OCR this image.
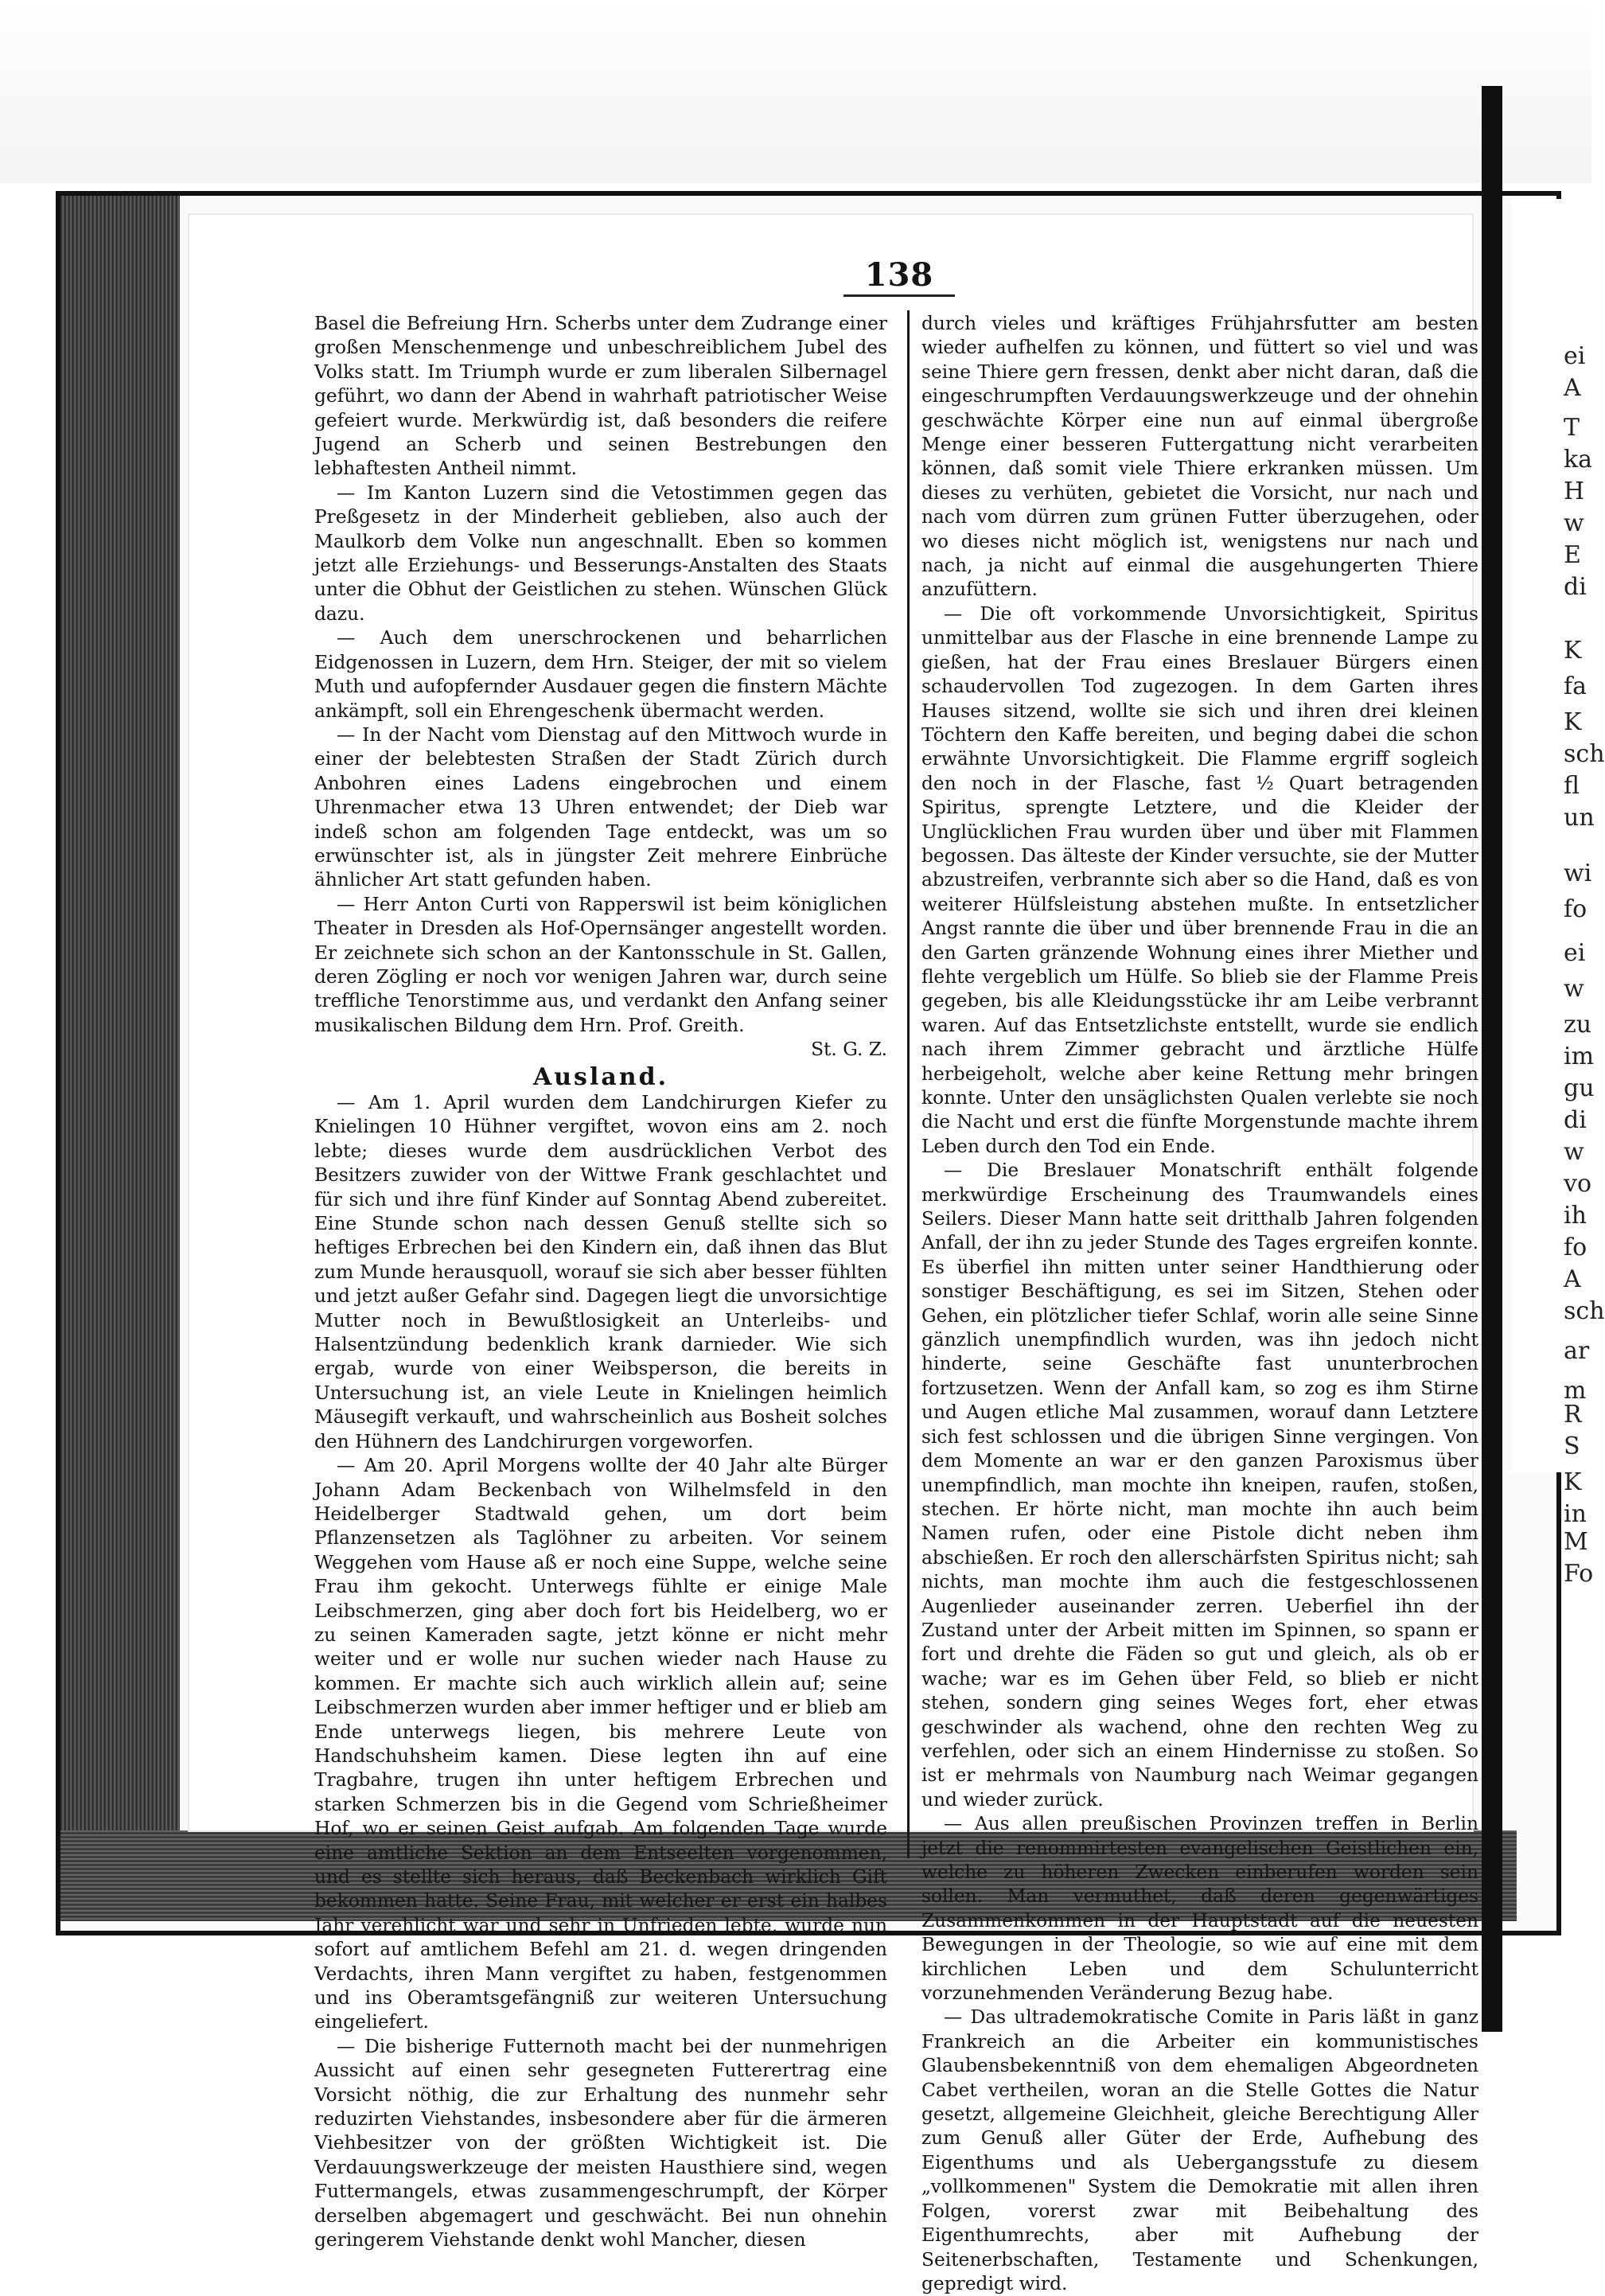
ei
A
T
ka
H
w
E
di
K
fa
K
sch
fl
un
wi
fo
ei
w
zu
im
gu
di
w
vo
ih
fo
A
sch
ar
m
R
S
K
in
M
Fo
138

Basel die Befreiung Hrn. Scherbs unter dem Zudrange einer großen Menschenmenge und unbeschreiblichem Jubel des Volks statt. Im Triumph wurde er zum liberalen Silbernagel geführt, wo dann der Abend in wahrhaft patriotischer Weise gefeiert wurde. Merkwürdig ist, daß besonders die reifere Jugend an Scherb und seinen Bestrebungen den lebhaftesten Antheil nimmt.

— Im Kanton Luzern sind die Vetostimmen gegen das Preßgesetz in der Minderheit geblieben, also auch der Maulkorb dem Volke nun angeschnallt. Eben so kommen jetzt alle Erziehungs- und Besserungs-Anstalten des Staats unter die Obhut der Geistlichen zu stehen. Wünschen Glück dazu.

— Auch dem unerschrockenen und beharrlichen Eidgenossen in Luzern, dem Hrn. Steiger, der mit so vielem Muth und aufopfernder Ausdauer gegen die finstern Mächte ankämpft, soll ein Ehrengeschenk übermacht werden.

— In der Nacht vom Dienstag auf den Mittwoch wurde in einer der belebtesten Straßen der Stadt Zürich durch Anbohren eines Ladens eingebrochen und einem Uhrenmacher etwa 13 Uhren entwendet; der Dieb war indeß schon am folgenden Tage entdeckt, was um so erwünschter ist, als in jüngster Zeit mehrere Einbrüche ähnlicher Art statt gefunden haben.

— Herr Anton Curti von Rapperswil ist beim königlichen Theater in Dresden als Hof-Opernsänger angestellt worden. Er zeichnete sich schon an der Kantonsschule in St. Gallen, deren Zögling er noch vor wenigen Jahren war, durch seine treffliche Tenorstimme aus, und verdankt den Anfang seiner musikalischen Bildung dem Hrn. Prof. Greith.

St. G. Z.
Ausland.

— Am 1. April wurden dem Landchirurgen Kiefer zu Knielingen 10 Hühner vergiftet, wovon eins am 2. noch lebte; dieses wurde dem ausdrücklichen Verbot des Besitzers zuwider von der Wittwe Frank geschlachtet und für sich und ihre fünf Kinder auf Sonntag Abend zubereitet. Eine Stunde schon nach dessen Genuß stellte sich so heftiges Erbrechen bei den Kindern ein, daß ihnen das Blut zum Munde herausquoll, worauf sie sich aber besser fühlten und jetzt außer Gefahr sind. Dagegen liegt die unvorsichtige Mutter noch in Bewußtlosigkeit an Unterleibs- und Halsentzündung bedenklich krank darnieder. Wie sich ergab, wurde von einer Weibsperson, die bereits in Untersuchung ist, an viele Leute in Knielingen heimlich Mäusegift verkauft, und wahrscheinlich aus Bosheit solches den Hühnern des Landchirurgen vorgeworfen.

— Am 20. April Morgens wollte der 40 Jahr alte Bürger Johann Adam Beckenbach von Wilhelmsfeld in den Heidelberger Stadtwald gehen, um dort beim Pflanzensetzen als Taglöhner zu arbeiten. Vor seinem Weggehen vom Hause aß er noch eine Suppe, welche seine Frau ihm gekocht. Unterwegs fühlte er einige Male Leibschmerzen, ging aber doch fort bis Heidelberg, wo er zu seinen Kameraden sagte, jetzt könne er nicht mehr weiter und er wolle nur suchen wieder nach Hause zu kommen. Er machte sich auch wirklich allein auf; seine Leibschmerzen wurden aber immer heftiger und er blieb am Ende unterwegs liegen, bis mehrere Leute von Handschuhsheim kamen. Diese legten ihn auf eine Tragbahre, trugen ihn unter heftigem Erbrechen und starken Schmerzen bis in die Gegend vom Schrießheimer Hof, wo er seinen Geist aufgab. Am folgenden Tage wurde eine amtliche Sektion an dem Entseelten vorgenommen, und es stellte sich heraus, daß Beckenbach wirklich Gift bekommen hatte. Seine Frau, mit welcher er erst ein halbes Jahr verehlicht war und sehr in Unfrieden lebte, wurde nun sofort auf amtlichem Befehl am 21. d. wegen dringenden Verdachts, ihren Mann vergiftet zu haben, festgenommen und ins Oberamtsgefängniß zur weiteren Untersuchung eingeliefert.

— Die bisherige Futternoth macht bei der nunmehrigen Aussicht auf einen sehr gesegneten Futterertrag eine Vorsicht nöthig, die zur Erhaltung des nunmehr sehr reduzirten Viehstandes, insbesondere aber für die ärmeren Viehbesitzer von der größten Wichtigkeit ist. Die Verdauungswerkzeuge der meisten Hausthiere sind, wegen Futtermangels, etwas zusammengeschrumpft, der Körper derselben abgemagert und geschwächt. Bei nun ohnehin geringerem Viehstande denkt wohl Mancher, diesen

durch vieles und kräftiges Frühjahrsfutter am besten wieder aufhelfen zu können, und füttert so viel und was seine Thiere gern fressen, denkt aber nicht daran, daß die eingeschrumpften Verdauungswerkzeuge und der ohnehin geschwächte Körper eine nun auf einmal übergroße Menge einer besseren Futtergattung nicht verarbeiten können, daß somit viele Thiere erkranken müssen. Um dieses zu verhüten, gebietet die Vorsicht, nur nach und nach vom dürren zum grünen Futter überzugehen, oder wo dieses nicht möglich ist, wenigstens nur nach und nach, ja nicht auf einmal die ausgehungerten Thiere anzufüttern.

— Die oft vorkommende Unvorsichtigkeit, Spiritus unmittelbar aus der Flasche in eine brennende Lampe zu gießen, hat der Frau eines Breslauer Bürgers einen schaudervollen Tod zugezogen. In dem Garten ihres Hauses sitzend, wollte sie sich und ihren drei kleinen Töchtern den Kaffe bereiten, und beging dabei die schon erwähnte Unvorsichtigkeit. Die Flamme ergriff sogleich den noch in der Flasche, fast ½ Quart betragenden Spiritus, sprengte Letztere, und die Kleider der Unglücklichen Frau wurden über und über mit Flammen begossen. Das älteste der Kinder versuchte, sie der Mutter abzustreifen, verbrannte sich aber so die Hand, daß es von weiterer Hülfsleistung abstehen mußte. In entsetzlicher Angst rannte die über und über brennende Frau in die an den Garten gränzende Wohnung eines ihrer Miether und flehte vergeblich um Hülfe. So blieb sie der Flamme Preis gegeben, bis alle Kleidungsstücke ihr am Leibe verbrannt waren. Auf das Entsetzlichste entstellt, wurde sie endlich nach ihrem Zimmer gebracht und ärztliche Hülfe herbeigeholt, welche aber keine Rettung mehr bringen konnte. Unter den unsäglichsten Qualen verlebte sie noch die Nacht und erst die fünfte Morgenstunde machte ihrem Leben durch den Tod ein Ende.

— Die Breslauer Monatschrift enthält folgende merkwürdige Erscheinung des Traumwandels eines Seilers. Dieser Mann hatte seit dritthalb Jahren folgenden Anfall, der ihn zu jeder Stunde des Tages ergreifen konnte. Es überfiel ihn mitten unter seiner Handthierung oder sonstiger Beschäftigung, es sei im Sitzen, Stehen oder Gehen, ein plötzlicher tiefer Schlaf, worin alle seine Sinne gänzlich unempfindlich wurden, was ihn jedoch nicht hinderte, seine Geschäfte fast ununterbrochen fortzusetzen. Wenn der Anfall kam, so zog es ihm Stirne und Augen etliche Mal zusammen, worauf dann Letztere sich fest schlossen und die übrigen Sinne vergingen. Von dem Momente an war er den ganzen Paroxismus über unempfindlich, man mochte ihn kneipen, raufen, stoßen, stechen. Er hörte nicht, man mochte ihn auch beim Namen rufen, oder eine Pistole dicht neben ihm abschießen. Er roch den allerschärfsten Spiritus nicht; sah nichts, man mochte ihm auch die festgeschlossenen Augenlieder auseinander zerren. Ueberfiel ihn der Zustand unter der Arbeit mitten im Spinnen, so spann er fort und drehte die Fäden so gut und gleich, als ob er wache; war es im Gehen über Feld, so blieb er nicht stehen, sondern ging seines Weges fort, eher etwas geschwinder als wachend, ohne den rechten Weg zu verfehlen, oder sich an einem Hindernisse zu stoßen. So ist er mehrmals von Naumburg nach Weimar gegangen und wieder zurück.

— Aus allen preußischen Provinzen treffen in Berlin jetzt die renommirtesten evangelischen Geistlichen ein, welche zu höheren Zwecken einberufen worden sein sollen. Man vermuthet, daß deren gegenwärtiges Zusammenkommen in der Hauptstadt auf die neuesten Bewegungen in der Theologie, so wie auf eine mit dem kirchlichen Leben und dem Schulunterricht vorzunehmenden Veränderung Bezug habe.

— Das ultrademokratische Comite in Paris läßt in ganz Frankreich an die Arbeiter ein kommunistisches Glaubensbekenntniß von dem ehemaligen Abgeordneten Cabet vertheilen, woran an die Stelle Gottes die Natur gesetzt, allgemeine Gleichheit, gleiche Berechtigung Aller zum Genuß aller Güter der Erde, Aufhebung des Eigenthums und als Uebergangsstufe zu diesem „vollkommenen" System die Demokratie mit allen ihren Folgen, vorerst zwar mit Beibehaltung des Eigenthumrechts, aber mit Aufhebung der Seitenerbschaften, Testamente und Schenkungen, gepredigt wird.
